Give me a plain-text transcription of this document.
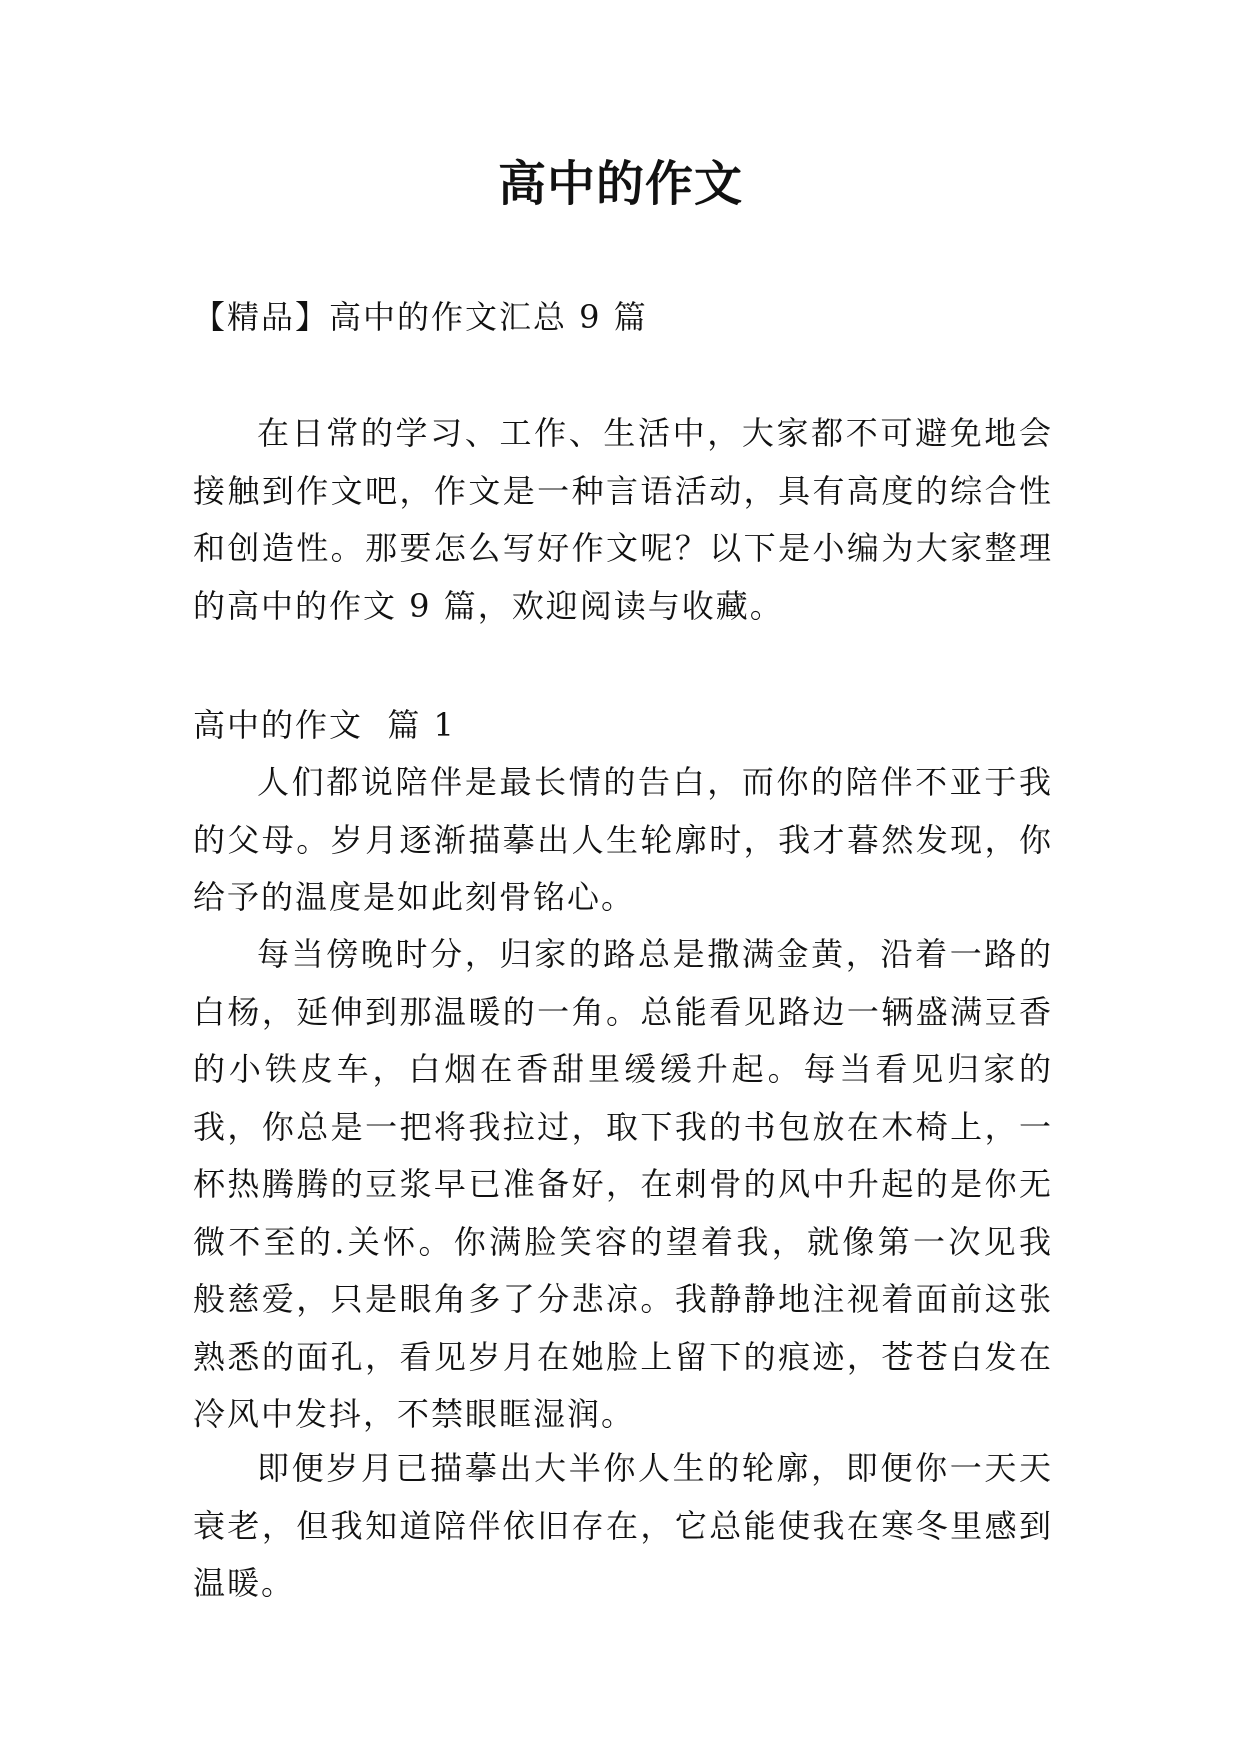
高中的作文

【精品】高中的作文汇总 9 篇

在日常的学习、工作、生活中，大家都不可避免地会接触到作文吧，作文是一种言语活动，具有高度的综合性和创造性。那要怎么写好作文呢？以下是小编为大家整理的高中的作文 9 篇，欢迎阅读与收藏。

高中的作文  篇 1

人们都说陪伴是最长情的告白，而你的陪伴不亚于我的父母。岁月逐渐描摹出人生轮廓时，我才暮然发现，你给予的温度是如此刻骨铭心。

每当傍晚时分，归家的路总是撒满金黄，沿着一路的白杨，延伸到那温暖的一角。总能看见路边一辆盛满豆香的小铁皮车，白烟在香甜里缓缓升起。每当看见归家的我，你总是一把将我拉过，取下我的书包放在木椅上，一杯热腾腾的豆浆早已准备好，在刺骨的风中升起的是你无微不至的.关怀。你满脸笑容的望着我，就像第一次见我般慈爱，只是眼角多了分悲凉。我静静地注视着面前这张熟悉的面孔，看见岁月在她脸上留下的痕迹，苍苍白发在冷风中发抖，不禁眼眶湿润。

即便岁月已描摹出大半你人生的轮廓，即便你一天天衰老，但我知道陪伴依旧存在，它总能使我在寒冬里感到温暖。
